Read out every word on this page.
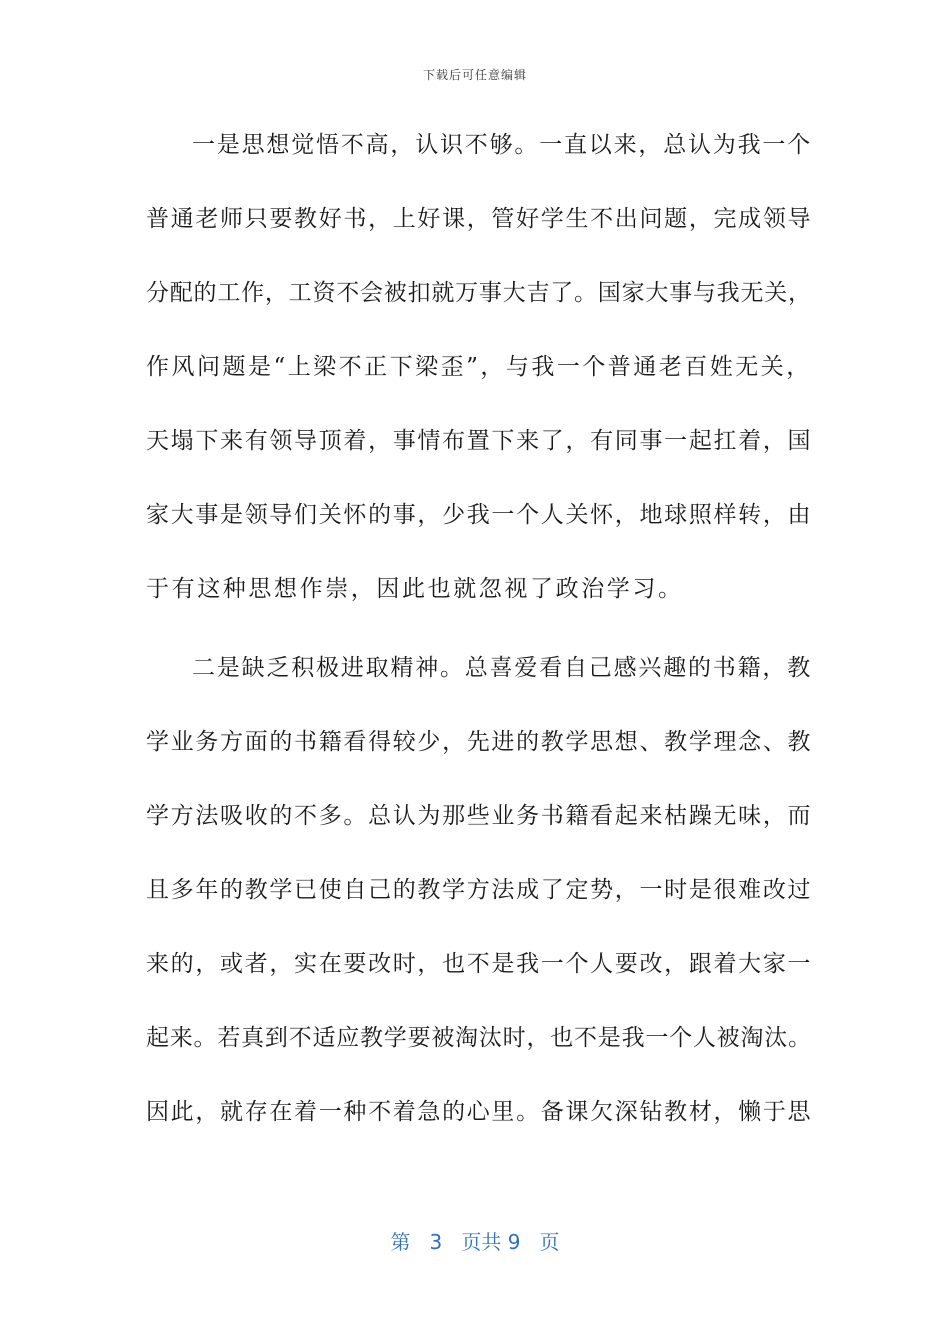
下载后可任意编辑
一是思想觉悟不高，认识不够。一直以来，总认为我一个
普通老师只要教好书，上好课，管好学生不出问题，完成领导
分配的工作，工资不会被扣就万事大吉了。国家大事与我无关，
作风问题是“上梁不正下梁歪”，与我一个普通老百姓无关，
天塌下来有领导顶着，事情布置下来了，有同事一起扛着，国
家大事是领导们关怀的事，少我一个人关怀，地球照样转，由
于有这种思想作崇，因此也就忽视了政治学习。
二是缺乏积极进取精神。总喜爱看自己感兴趣的书籍，教
学业务方面的书籍看得较少，先进的教学思想、教学理念、教
学方法吸收的不多。总认为那些业务书籍看起来枯躁无味，而
且多年的教学已使自己的教学方法成了定势，一时是很难改过
来的，或者，实在要改时，也不是我一个人要改，跟着大家一
起来。若真到不适应教学要被淘汰时，也不是我一个人被淘汰。
因此，就存在着一种不着急的心里。备课欠深钻教材，懒于思
第 3 页共 9 页
